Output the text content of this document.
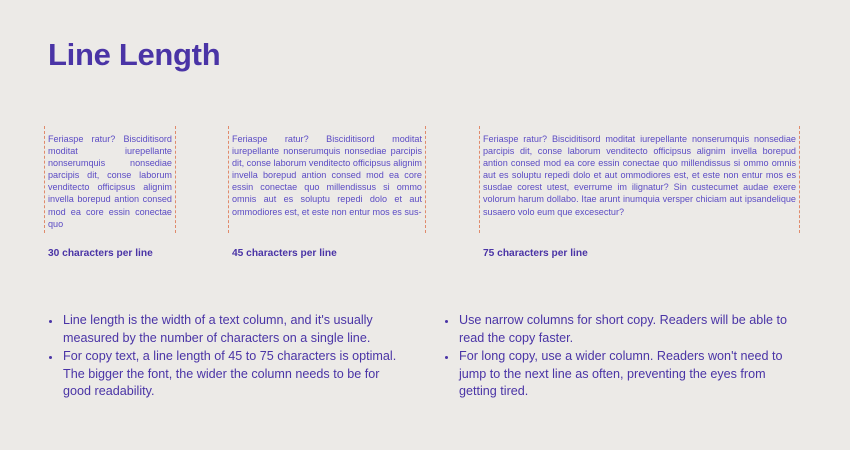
Line Length
Feriaspe ratur? Bisciditisord moditat iurepellante nonserumquis nonsediae parcipis dit, conse laborum venditecto officipsus alignim invella borepud antion consed mod ea core essin conectae quo
30 characters per line
Feriaspe ratur? Bisciditisord moditat iurepellante nonserumquis nonsediae parcipis dit, conse laborum venditecto officipsus alignim invella borepud antion consed mod ea core essin conectae quo millendissus si ommo omnis aut es soluptu repedi dolo et aut ommodiores est, et este non entur mos es sus-
45 characters per line
Feriaspe ratur? Bisciditisord moditat iurepellante nonserumquis nonsediae parcipis dit, conse laborum venditecto officipsus alignim invella borepud antion consed mod ea core essin conectae quo millendissus si ommo omnis aut es soluptu repedi dolo et aut ommodiores est, et este non entur mos es susdae corest utest, everrume im ilignatur? Sin custecumet audae exere volorum harum dollabo. Itae arunt inumquia versper chiciam aut ipsandelique susaero volo eum que excesectur?
75 characters per line
Line length is the width of a text column, and it's usually measured by the number of characters on a single line.
For copy text, a line length of 45 to 75 characters is optimal. The bigger the font, the wider the column needs to be for good readability.
Use narrow columns for short copy. Readers will be able to read the copy faster.
For long copy, use a wider column. Readers won't need to jump to the next line as often, preventing the eyes from getting tired.
